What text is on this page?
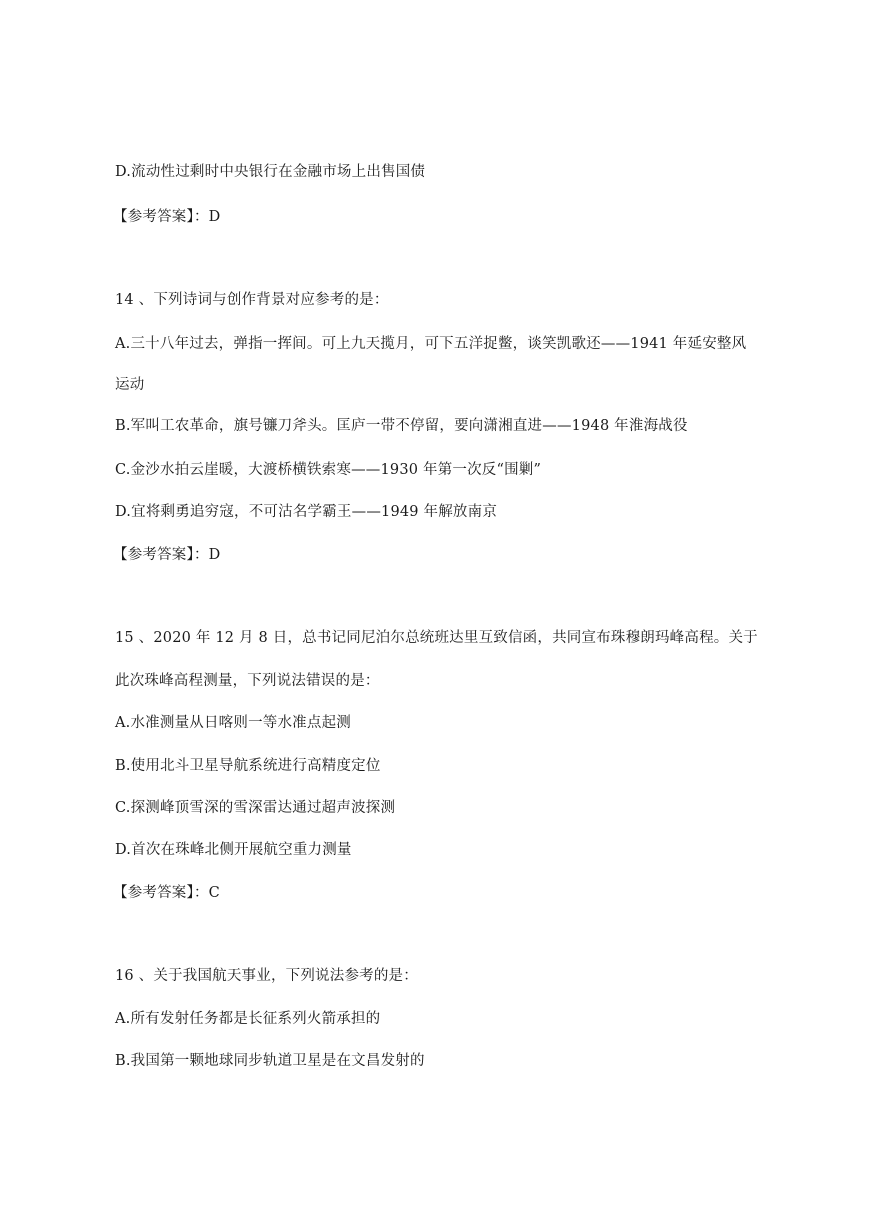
D.流动性过剩时中央银行在金融市场上出售国债
【参考答案】：D
14 、下列诗词与创作背景对应参考的是：
A.三十八年过去，弹指一挥间。可上九天揽月，可下五洋捉鳖，谈笑凯歌还——1941 年延安整风
运动
B.军叫工农革命，旗号镰刀斧头。匡庐一带不停留，要向潇湘直进——1948 年淮海战役
C.金沙水拍云崖暖，大渡桥横铁索寒——1930 年第一次反“围剿”
D.宜将剩勇追穷寇，不可沽名学霸王——1949 年解放南京
【参考答案】：D
15 、2020 年 12 月 8 日，总书记同尼泊尔总统班达里互致信函，共同宣布珠穆朗玛峰高程。关于
此次珠峰高程测量，下列说法错误的是：
A.水准测量从日喀则一等水准点起测
B.使用北斗卫星导航系统进行高精度定位
C.探测峰顶雪深的雪深雷达通过超声波探测
D.首次在珠峰北侧开展航空重力测量
【参考答案】：C
16 、关于我国航天事业，下列说法参考的是：
A.所有发射任务都是长征系列火箭承担的
B.我国第一颗地球同步轨道卫星是在文昌发射的
